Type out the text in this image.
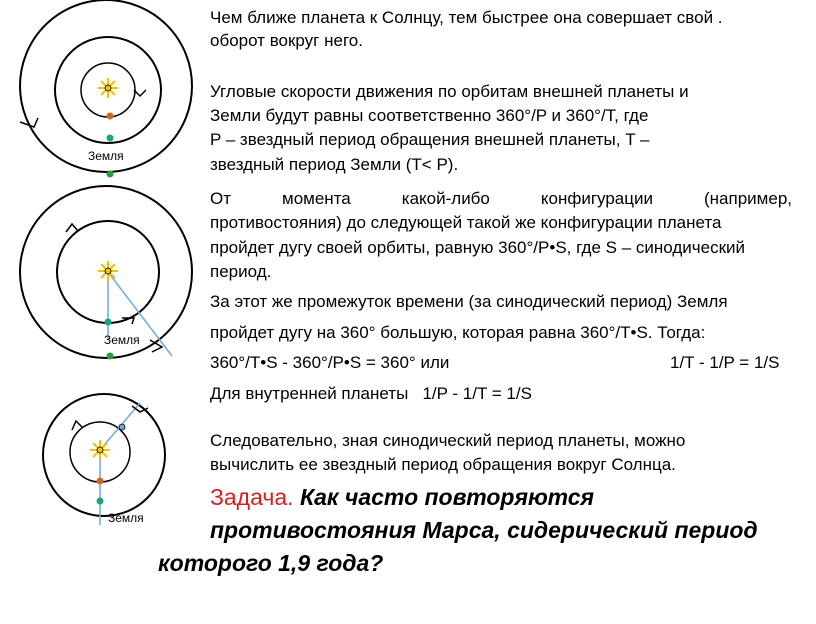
Земля
Земля
Земля

Чем ближе планета к Солнцу, тем быстрее она совершает свой .

оборот вокруг него.

Угловые скорости движения по орбитам внешней планеты и

Земли будут равны соответственно 360°/P и 360°/T, где

P – звездный период обращения внешней планеты, T –

звездный период Земли (T< P).

От момента какой-либо конфигурации (например,

противостояния) до следующей такой же конфигурации планета

пройдет дугу своей орбиты, равную 360°/P•S, где S – синодический

период.

За этот же промежуток времени (за синодический период) Земля

пройдет дугу на 360° большую, которая равна 360°/T•S. Тогда:

360°/T•S - 360°/P•S = 360° или	1/T - 1/P = 1/S

Для внутренней планеты   1/P - 1/T = 1/S

Следовательно, зная синодический период планеты, можно

вычислить ее звездный период обращения вокруг Солнца.

Задача. Как часто повторяются

противостояния Марса, сидерический период

которого 1,9 года?
